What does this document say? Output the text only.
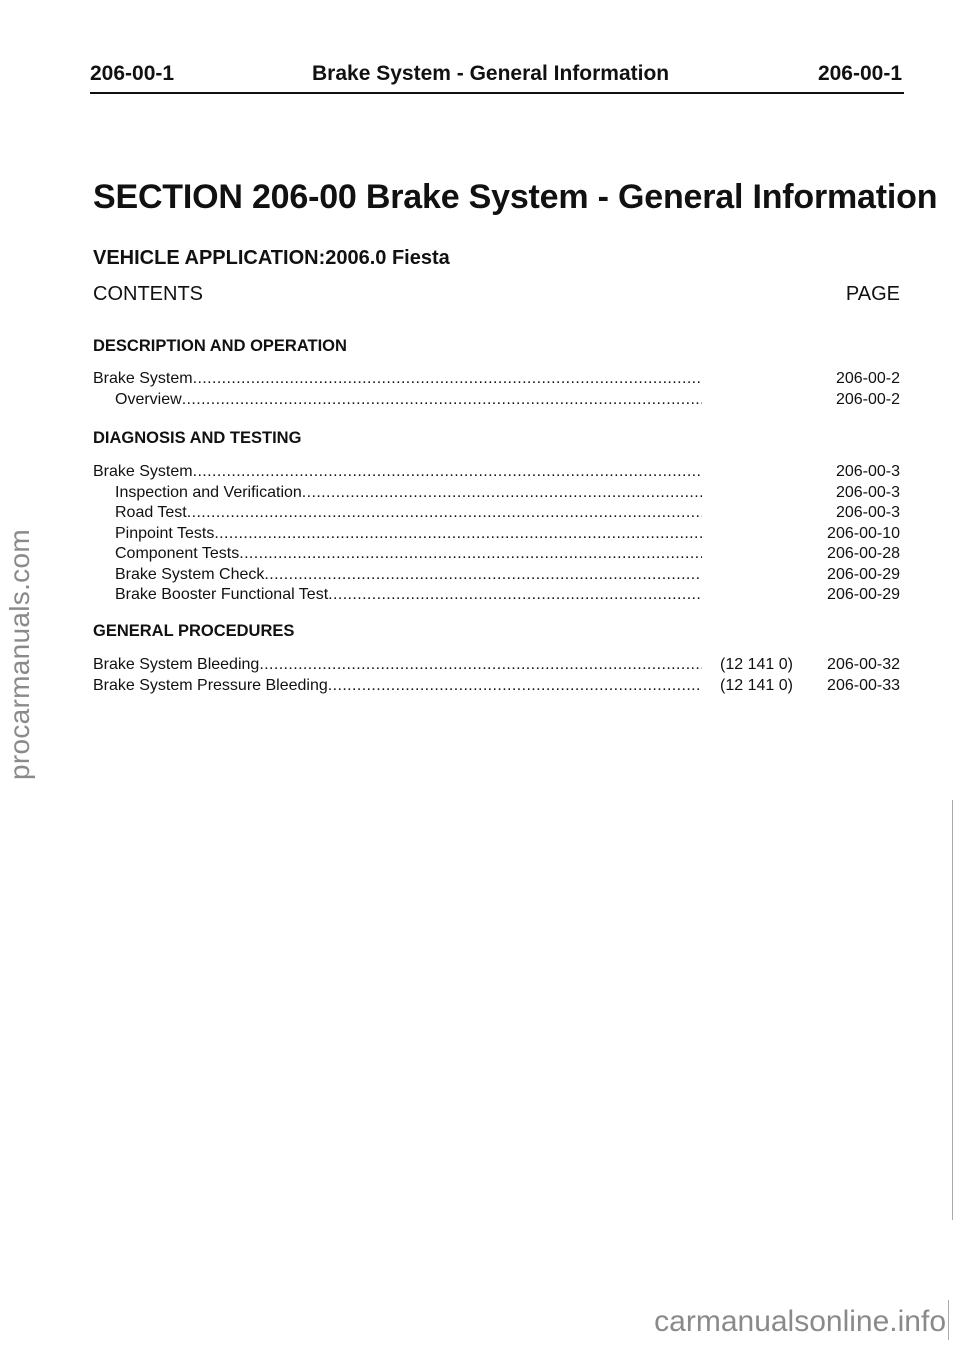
206-00-1	Brake System - General Information	206-00-1
SECTION 206-00 Brake System - General Information
VEHICLE APPLICATION:2006.0 Fiesta
CONTENTS	PAGE
DESCRIPTION AND OPERATION
Brake System .....	206-00-2
Overview .....	206-00-2
DIAGNOSIS AND TESTING
Brake System .....	206-00-3
Inspection and Verification .....	206-00-3
Road Test .....	206-00-3
Pinpoint Tests .....	206-00-10
Component Tests .....	206-00-28
Brake System Check .....	206-00-29
Brake Booster Functional Test .....	206-00-29
GENERAL PROCEDURES
Brake System Bleeding .....	(12 141 0)	206-00-32
Brake System Pressure Bleeding .....	(12 141 0)	206-00-33
procarmanuals.com
carmanualsonline.info
